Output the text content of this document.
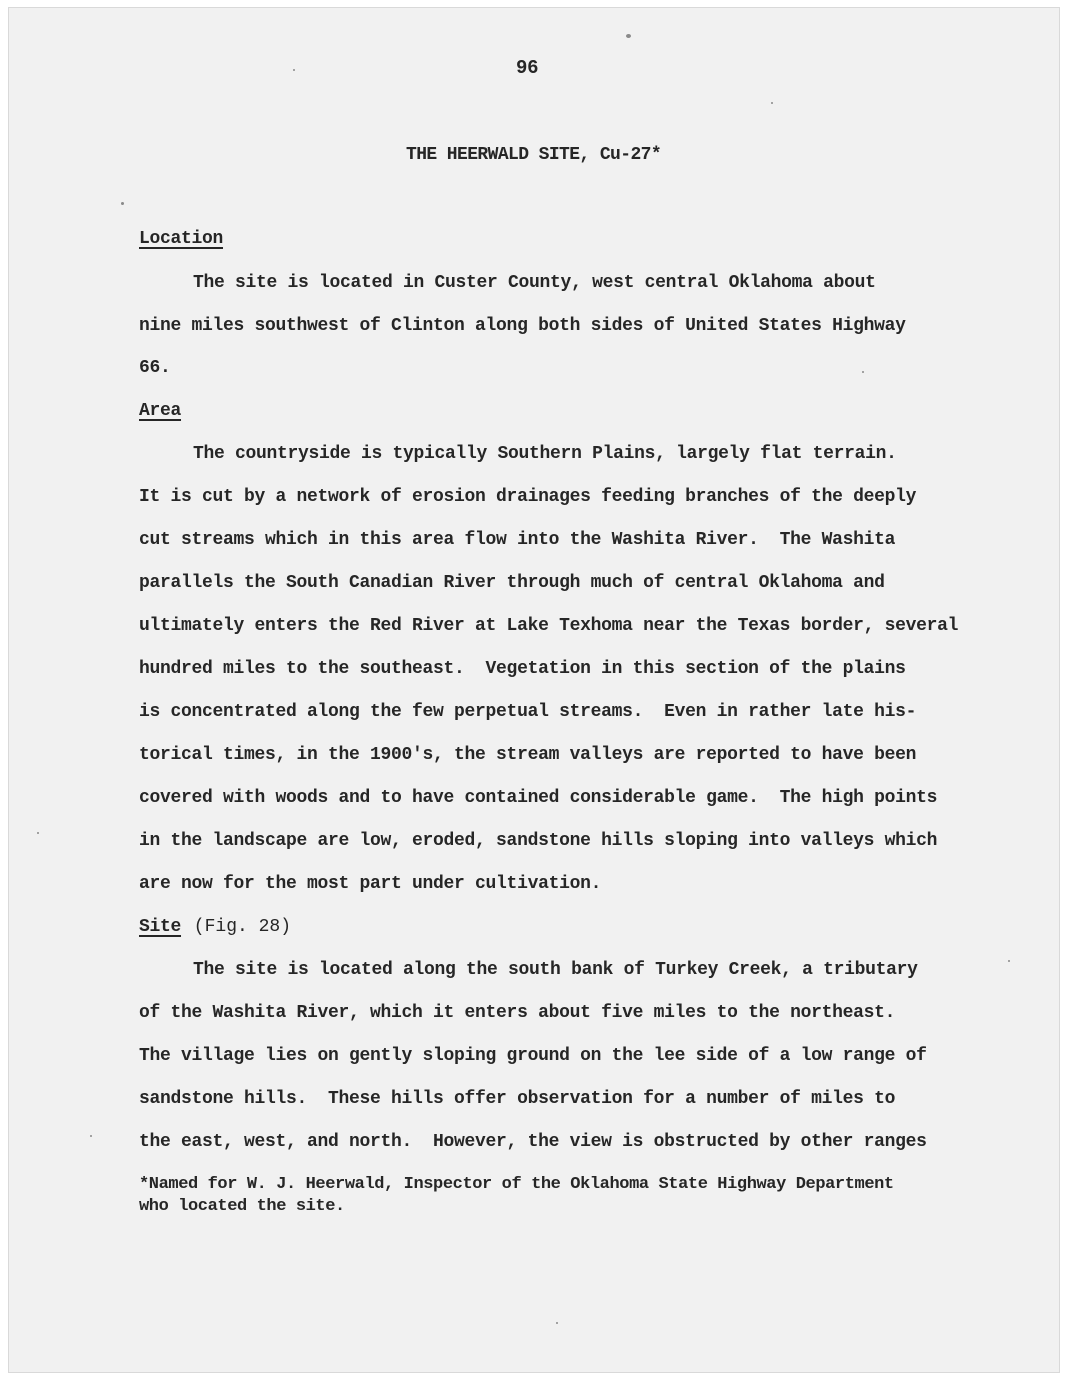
96
THE HEERWALD SITE, Cu-27*
Location
The site is located in Custer County, west central Oklahoma about
nine miles southwest of Clinton along both sides of United States Highway
66.
Area
The countryside is typically Southern Plains, largely flat terrain.
It is cut by a network of erosion drainages feeding branches of the deeply
cut streams which in this area flow into the Washita River.  The Washita
parallels the South Canadian River through much of central Oklahoma and
ultimately enters the Red River at Lake Texhoma near the Texas border, several
hundred miles to the southeast.  Vegetation in this section of the plains
is concentrated along the few perpetual streams.  Even in rather late his-
torical times, in the 1900's, the stream valleys are reported to have been
covered with woods and to have contained considerable game.  The high points
in the landscape are low, eroded, sandstone hills sloping into valleys which
are now for the most part under cultivation.
Site (Fig. 28)
The site is located along the south bank of Turkey Creek, a tributary
of the Washita River, which it enters about five miles to the northeast.
The village lies on gently sloping ground on the lee side of a low range of
sandstone hills.  These hills offer observation for a number of miles to
the east, west, and north.  However, the view is obstructed by other ranges
*Named for W. J. Heerwald, Inspector of the Oklahoma State Highway Department
who located the site.
